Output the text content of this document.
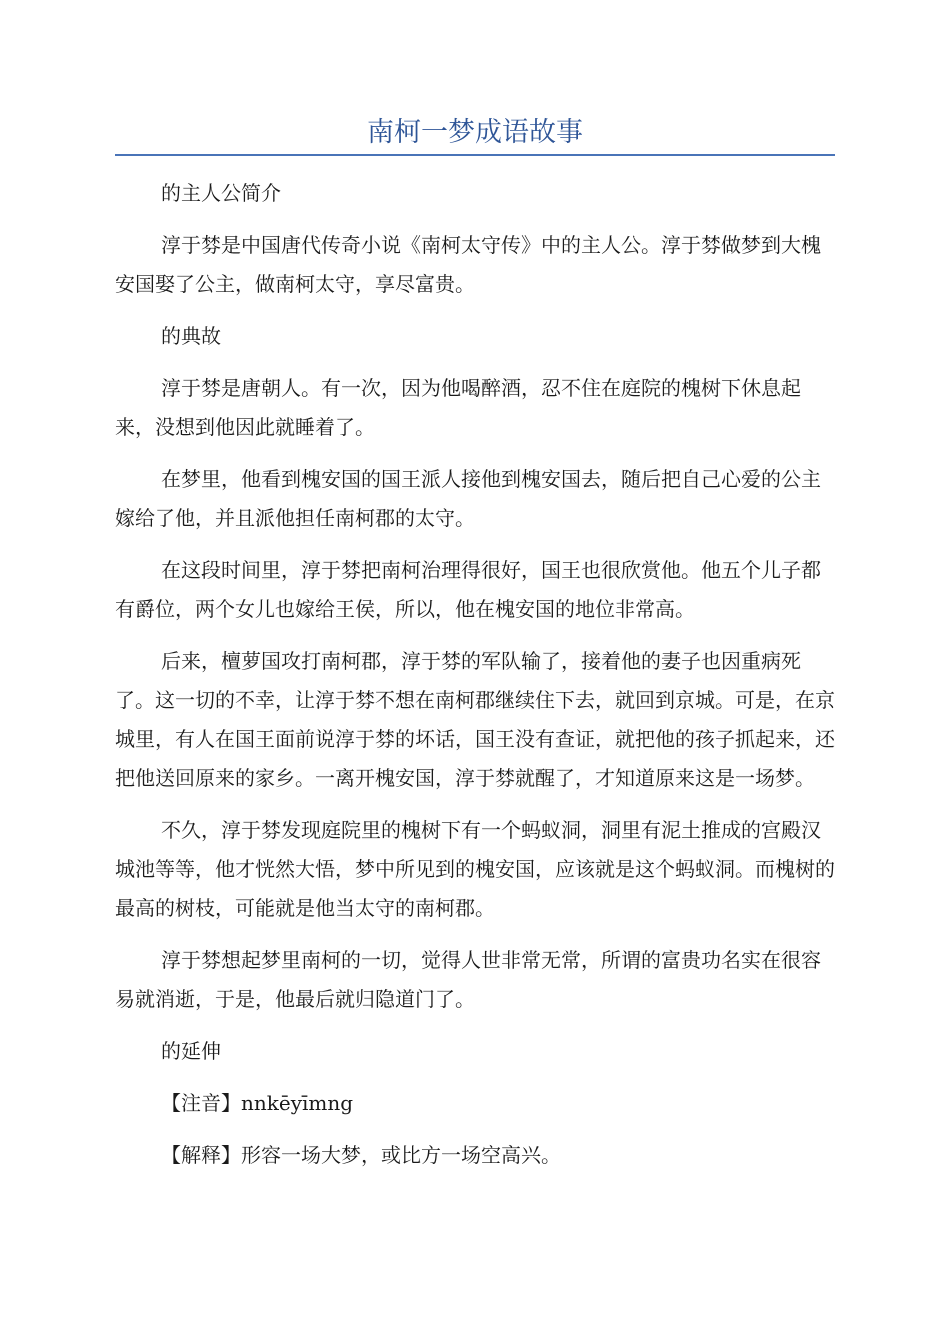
南柯一梦成语故事

的主人公简介

淳于棼是中国唐代传奇小说《南柯太守传》中的主人公。淳于棼做梦到大槐安国娶了公主，做南柯太守，享尽富贵。

的典故

淳于棼是唐朝人。有一次，因为他喝醉酒，忍不住在庭院的槐树下休息起来，没想到他因此就睡着了。

在梦里，他看到槐安国的国王派人接他到槐安国去，随后把自己心爱的公主嫁给了他，并且派他担任南柯郡的太守。

在这段时间里，淳于棼把南柯治理得很好，国王也很欣赏他。他五个儿子都有爵位，两个女儿也嫁给王侯，所以，他在槐安国的地位非常高。

后来，檀萝国攻打南柯郡，淳于棼的军队输了，接着他的妻子也因重病死了。这一切的不幸，让淳于棼不想在南柯郡继续住下去，就回到京城。可是，在京城里，有人在国王面前说淳于棼的坏话，国王没有查证，就把他的孩子抓起来，还把他送回原来的家乡。一离开槐安国，淳于棼就醒了，才知道原来这是一场梦。

不久，淳于棼发现庭院里的槐树下有一个蚂蚁洞，洞里有泥土推成的宫殿汉城池等等，他才恍然大悟，梦中所见到的槐安国，应该就是这个蚂蚁洞。而槐树的最高的树枝，可能就是他当太守的南柯郡。

淳于棼想起梦里南柯的一切，觉得人世非常无常，所谓的富贵功名实在很容易就消逝，于是，他最后就归隐道门了。

的延伸

【注音】nnkēyīmng

【解释】形容一场大梦，或比方一场空高兴。
